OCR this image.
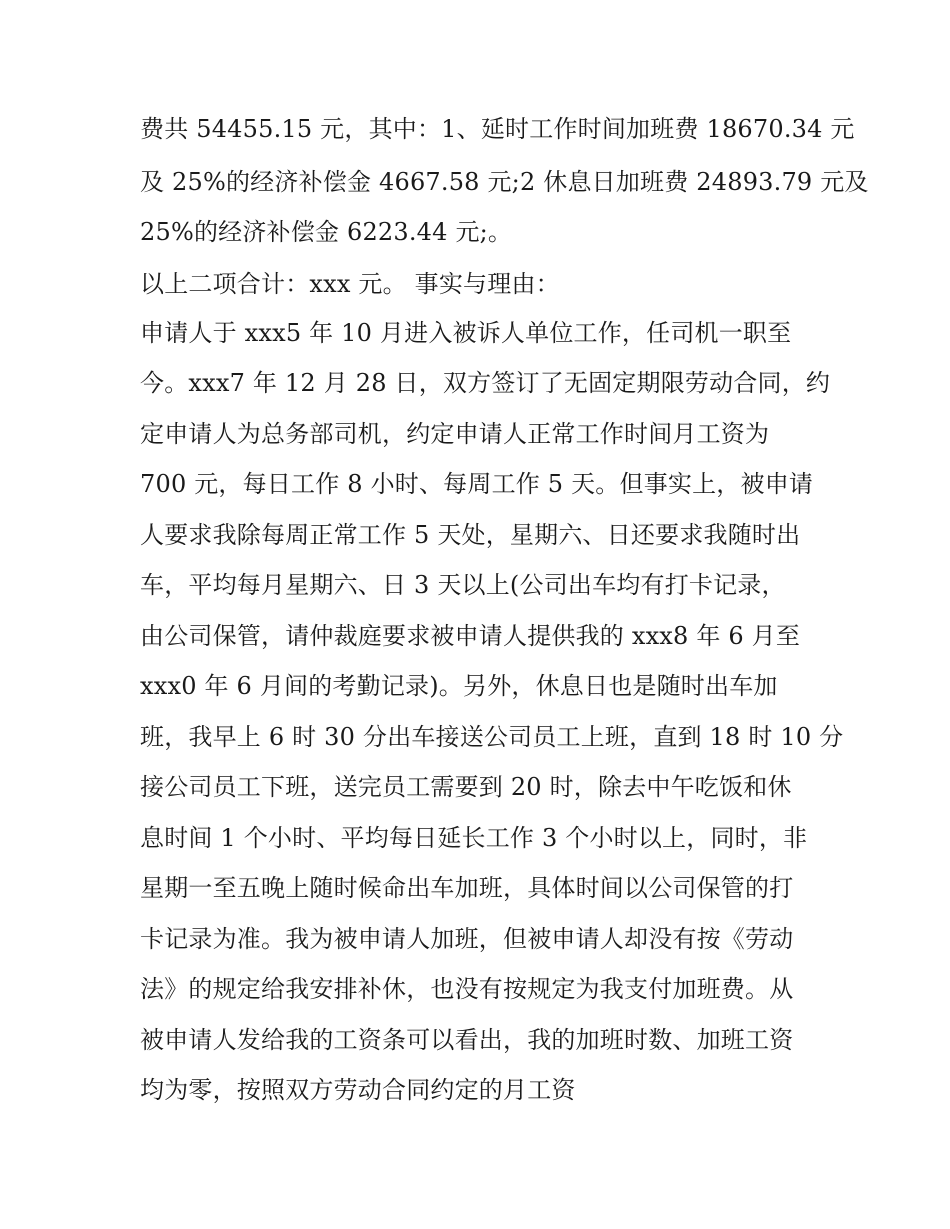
费共 54455.15 元，其中：1、延时工作时间加班费 18670.34 元
及 25%的经济补偿金 4667.58 元;2 休息日加班费 24893.79 元及
25%的经济补偿金 6223.44 元;。
以上二项合计：xxx 元。 事实与理由：
申请人于 xxx5 年 10 月进入被诉人单位工作，任司机一职至
今。xxx7 年 12 月 28 日，双方签订了无固定期限劳动合同，约
定申请人为总务部司机，约定申请人正常工作时间月工资为
700 元，每日工作 8 小时、每周工作 5 天。但事实上，被申请
人要求我除每周正常工作 5 天处，星期六、日还要求我随时出
车，平均每月星期六、日 3 天以上(公司出车均有打卡记录，
由公司保管，请仲裁庭要求被申请人提供我的 xxx8 年 6 月至
xxx0 年 6 月间的考勤记录)。另外，休息日也是随时出车加
班，我早上 6 时 30 分出车接送公司员工上班，直到 18 时 10 分
接公司员工下班，送完员工需要到 20 时，除去中午吃饭和休
息时间 1 个小时、平均每日延长工作 3 个小时以上，同时，非
星期一至五晚上随时候命出车加班，具体时间以公司保管的打
卡记录为准。我为被申请人加班，但被申请人却没有按《劳动
法》的规定给我安排补休，也没有按规定为我支付加班费。从
被申请人发给我的工资条可以看出，我的加班时数、加班工资
均为零，按照双方劳动合同约定的月工资
